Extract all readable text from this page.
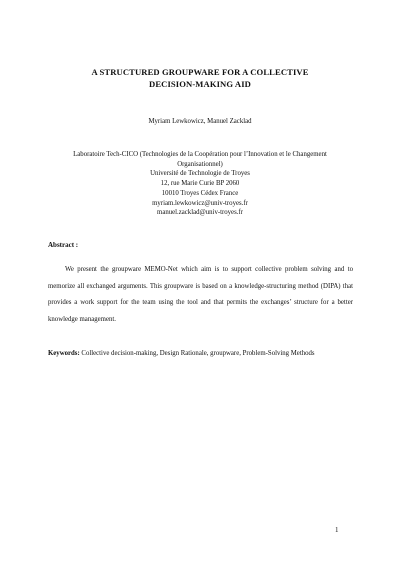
A STRUCTURED GROUPWARE FOR A COLLECTIVE
DECISION-MAKING AID
Myriam Lewkowicz, Manuel Zacklad
Laboratoire Tech-CICO (Technologies de la Coopération pour l’Innovation et le Changement
Organisationnel)
Université de Technologie de Troyes
12, rue Marie Curie BP 2060
10010 Troyes Cédex France
myriam.lewkowicz@univ-troyes.fr
manuel.zacklad@univ-troyes.fr
Abstract :

We present the groupware MEMO-Net which aim is to support collective problem solving and to memorize all exchanged arguments. This groupware is based on a knowledge-structuring method (DIPA) that provides a work support for the team using the tool and that permits the exchanges’ structure for a better knowledge management.

Keywords: Collective decision-making, Design Rationale, groupware, Problem-Solving Methods

1
